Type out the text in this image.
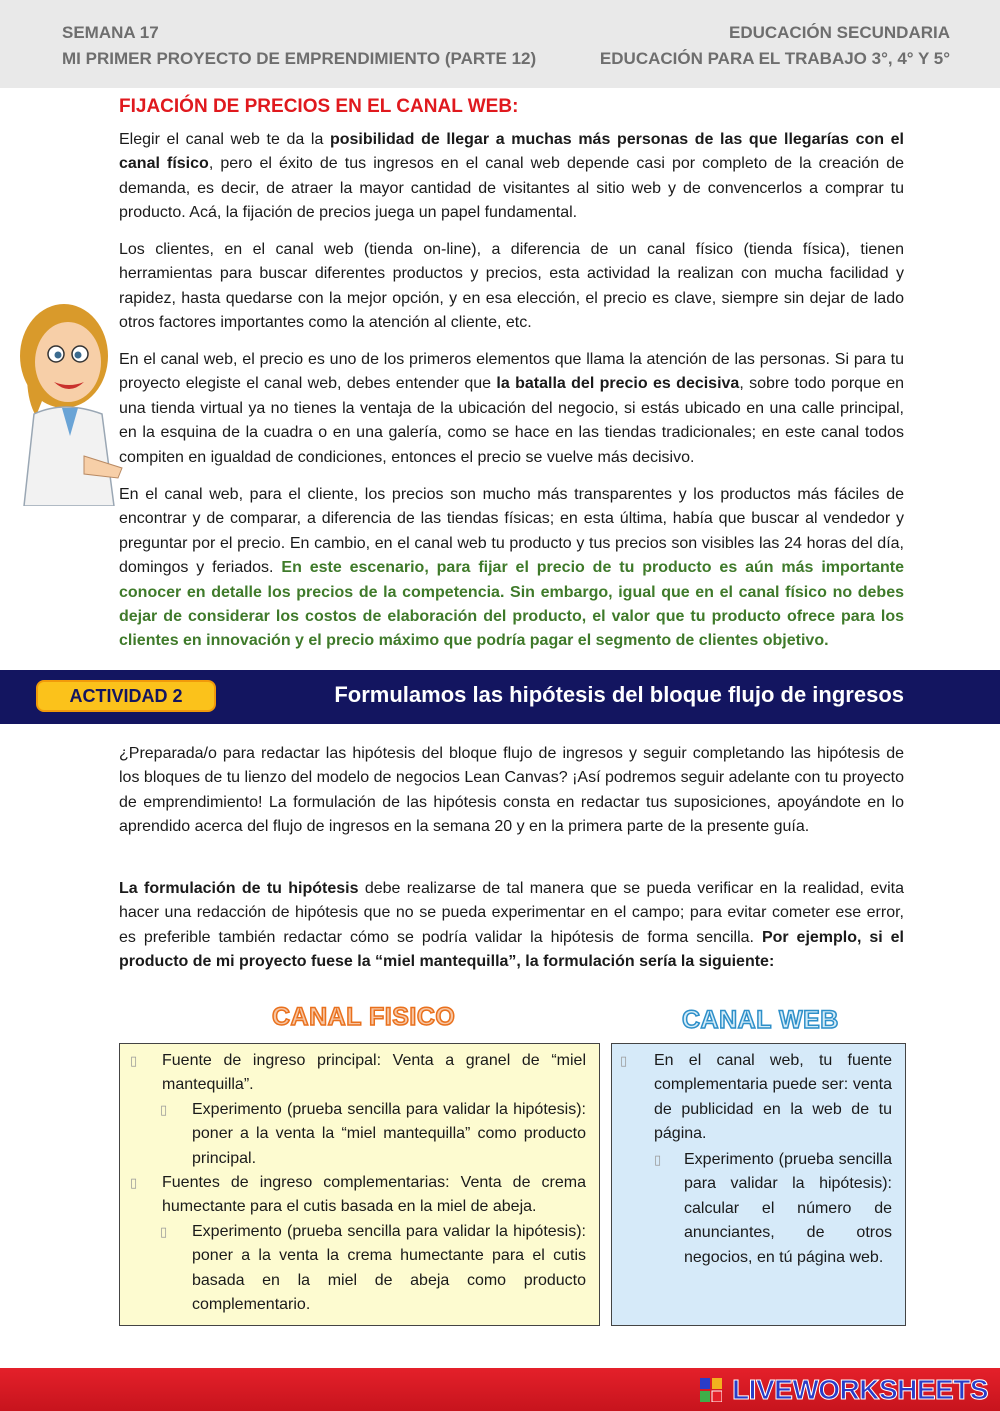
SEMANA 17
MI PRIMER PROYECTO DE EMPRENDIMIENTO (PARTE 12)
EDUCACIÓN SECUNDARIA
EDUCACIÓN PARA EL TRABAJO 3°, 4° Y 5°
FIJACIÓN DE PRECIOS EN EL CANAL WEB:

Elegir el canal web te da la posibilidad de llegar a muchas más personas de las que llegarías con el canal físico, pero el éxito de tus ingresos en el canal web depende casi por completo de la creación de demanda, es decir, de atraer la mayor cantidad de visitantes al sitio web y de convencerlos a comprar tu producto. Acá, la fijación de precios juega un papel fundamental.

Los clientes, en el canal web (tienda on-line), a diferencia de un canal físico (tienda física), tienen herramientas para buscar diferentes productos y precios, esta actividad la realizan con mucha facilidad y rapidez, hasta quedarse con la mejor opción, y en esa elección, el precio es clave, siempre sin dejar de lado otros factores importantes como la atención al cliente, etc.

En el canal web, el precio es uno de los primeros elementos que llama la atención de las personas. Si para tu proyecto elegiste el canal web, debes entender que la batalla del precio es decisiva, sobre todo porque en una tienda virtual ya no tienes la ventaja de la ubicación del negocio, si estás ubicado en una calle principal, en la esquina de la cuadra o en una galería, como se hace en las tiendas tradicionales; en este canal todos compiten en igualdad de condiciones, entonces el precio se vuelve más decisivo.

En el canal web, para el cliente, los precios son mucho más transparentes y los productos más fáciles de encontrar y de comparar, a diferencia de las tiendas físicas; en esta última, había que buscar al vendedor y preguntar por el precio. En cambio, en el canal web tu producto y tus precios son visibles las 24 horas del día, domingos y feriados. En este escenario, para fijar el precio de tu producto es aún más importante conocer en detalle los precios de la competencia. Sin embargo, igual que en el canal físico no debes dejar de considerar los costos de elaboración del producto, el valor que tu producto ofrece para los clientes en innovación y el precio máximo que podría pagar el segmento de clientes objetivo.

ACTIVIDAD 2	Formulamos las hipótesis del bloque flujo de ingresos

¿Preparada/o para redactar las hipótesis del bloque flujo de ingresos y seguir completando las hipótesis de los bloques de tu lienzo del modelo de negocios Lean Canvas? ¡Así podremos seguir adelante con tu proyecto de emprendimiento! La formulación de las hipótesis consta en redactar tus suposiciones, apoyándote en lo aprendido acerca del flujo de ingresos en la semana 20 y en la primera parte de la presente guía.

La formulación de tu hipótesis debe realizarse de tal manera que se pueda verificar en la realidad, evita hacer una redacción de hipótesis que no se pueda experimentar en el campo; para evitar cometer ese error, es preferible también redactar cómo se podría validar la hipótesis de forma sencilla. Por ejemplo, si el producto de mi proyecto fuese la “miel mantequilla”, la formulación sería la siguiente:

CANAL FISICO	CANAL WEB
▯ Fuente de ingreso principal: Venta a granel de “miel mantequilla”.

▯ Experimento (prueba sencilla para validar la hipótesis): poner a la venta la “miel mantequilla” como producto principal.

▯ Fuentes de ingreso complementarias: Venta de crema humectante para el cutis basada en la miel de abeja.

▯ Experimento (prueba sencilla para validar la hipótesis): poner a la venta la crema humectante para el cutis basada en la miel de abeja como producto complementario.

▯ En el canal web, tu fuente complementaria puede ser: venta de publicidad en la web de tu página.

▯ Experimento (prueba sencilla para validar la hipótesis): calcular el número de anunciantes, de otros negocios, en tú página web.

LIVEWORKSHEETS
